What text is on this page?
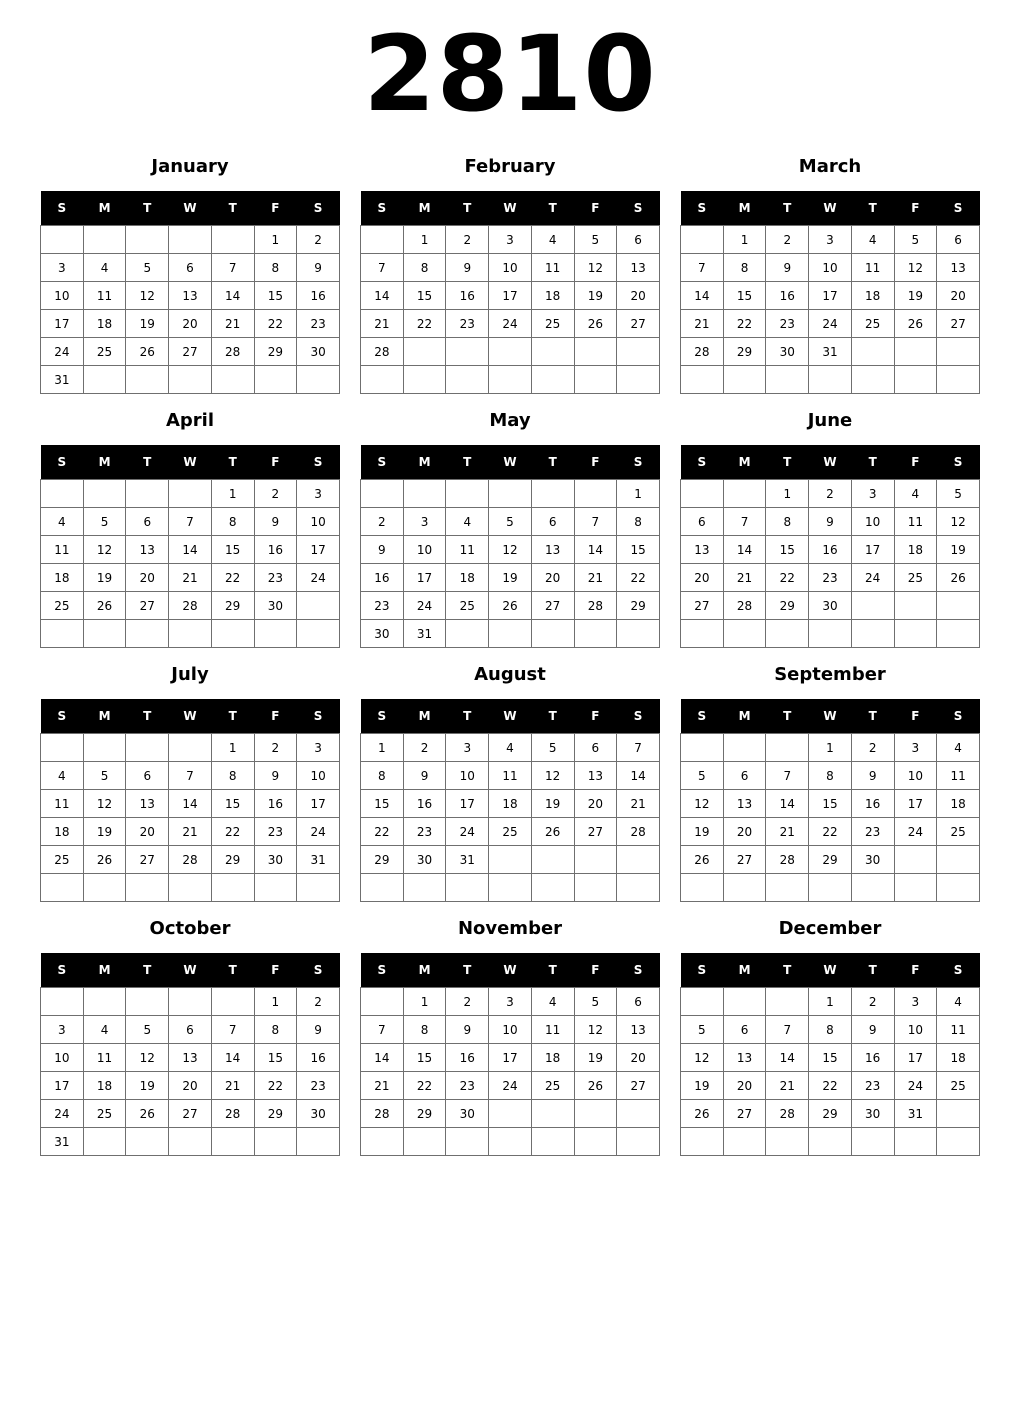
2810
January
S	M	T	W	T	F	S
					1	2
3	4	5	6	7	8	9
10	11	12	13	14	15	16
17	18	19	20	21	22	23
24	25	26	27	28	29	30
31						
February
S	M	T	W	T	F	S
	1	2	3	4	5	6
7	8	9	10	11	12	13
14	15	16	17	18	19	20
21	22	23	24	25	26	27
28						

March
S	M	T	W	T	F	S
	1	2	3	4	5	6
7	8	9	10	11	12	13
14	15	16	17	18	19	20
21	22	23	24	25	26	27
28	29	30	31			

April
S	M	T	W	T	F	S
				1	2	3
4	5	6	7	8	9	10
11	12	13	14	15	16	17
18	19	20	21	22	23	24
25	26	27	28	29	30	

May
S	M	T	W	T	F	S
						1
2	3	4	5	6	7	8
9	10	11	12	13	14	15
16	17	18	19	20	21	22
23	24	25	26	27	28	29
30	31					
June
S	M	T	W	T	F	S
		1	2	3	4	5
6	7	8	9	10	11	12
13	14	15	16	17	18	19
20	21	22	23	24	25	26
27	28	29	30			

July
S	M	T	W	T	F	S
				1	2	3
4	5	6	7	8	9	10
11	12	13	14	15	16	17
18	19	20	21	22	23	24
25	26	27	28	29	30	31

August
S	M	T	W	T	F	S
1	2	3	4	5	6	7
8	9	10	11	12	13	14
15	16	17	18	19	20	21
22	23	24	25	26	27	28
29	30	31				

September
S	M	T	W	T	F	S
			1	2	3	4
5	6	7	8	9	10	11
12	13	14	15	16	17	18
19	20	21	22	23	24	25
26	27	28	29	30		

October
S	M	T	W	T	F	S
					1	2
3	4	5	6	7	8	9
10	11	12	13	14	15	16
17	18	19	20	21	22	23
24	25	26	27	28	29	30
31						
November
S	M	T	W	T	F	S
	1	2	3	4	5	6
7	8	9	10	11	12	13
14	15	16	17	18	19	20
21	22	23	24	25	26	27
28	29	30				

December
S	M	T	W	T	F	S
			1	2	3	4
5	6	7	8	9	10	11
12	13	14	15	16	17	18
19	20	21	22	23	24	25
26	27	28	29	30	31	
